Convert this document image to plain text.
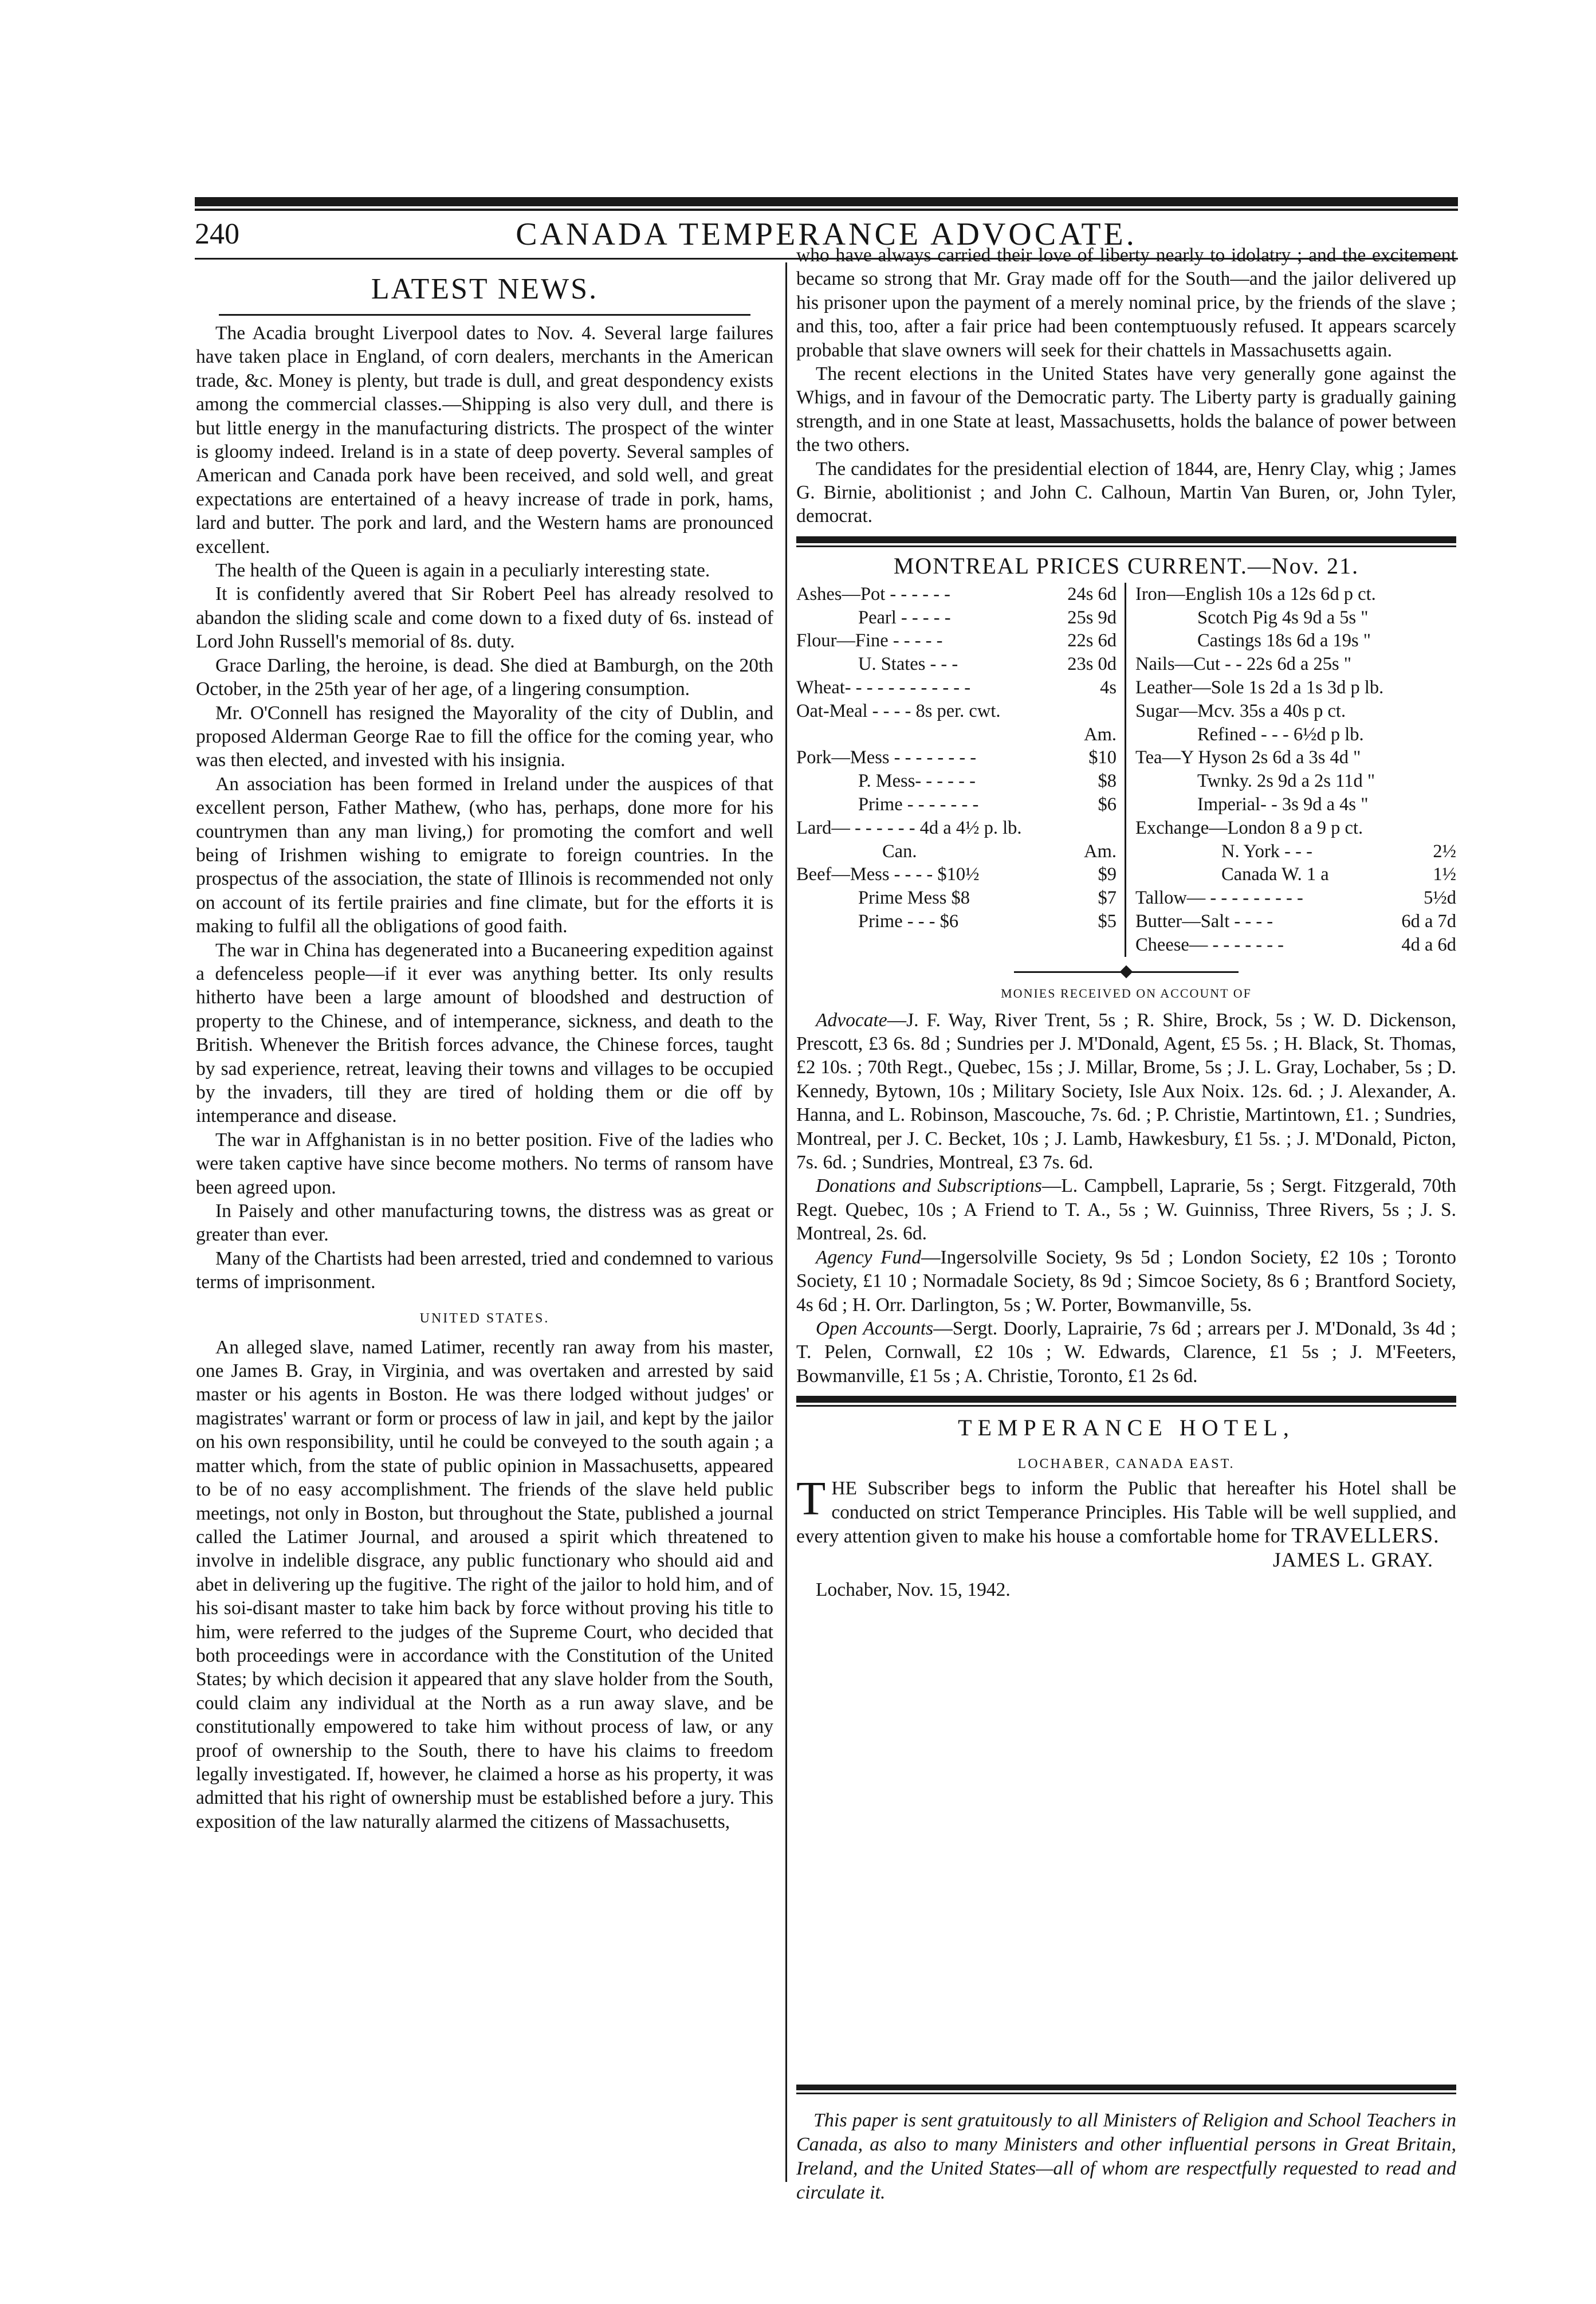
240	CANADA TEMPERANCE ADVOCATE.
LATEST NEWS.

The Acadia brought Liverpool dates to Nov. 4. Several large failures have taken place in England, of corn dealers, merchants in the American trade, &c. Money is plenty, but trade is dull, and great despondency exists among the commercial classes.—Shipping is also very dull, and there is but little energy in the manufacturing districts. The prospect of the winter is gloomy indeed. Ireland is in a state of deep poverty. Several samples of American and Canada pork have been received, and sold well, and great expectations are entertained of a heavy increase of trade in pork, hams, lard and butter. The pork and lard, and the Western hams are pronounced excellent.

The health of the Queen is again in a peculiarly interesting state.

It is confidently avered that Sir Robert Peel has already resolved to abandon the sliding scale and come down to a fixed duty of 6s. instead of Lord John Russell's memorial of 8s. duty.

Grace Darling, the heroine, is dead. She died at Bamburgh, on the 20th October, in the 25th year of her age, of a lingering consumption.

Mr. O'Connell has resigned the Mayorality of the city of Dublin, and proposed Alderman George Rae to fill the office for the coming year, who was then elected, and invested with his insignia.

An association has been formed in Ireland under the auspices of that excellent person, Father Mathew, (who has, perhaps, done more for his countrymen than any man living,) for promoting the comfort and well being of Irishmen wishing to emigrate to foreign countries. In the prospectus of the association, the state of Illinois is recommended not only on account of its fertile prairies and fine climate, but for the efforts it is making to fulfil all the obligations of good faith.

The war in China has degenerated into a Bucaneering expedition against a defenceless people—if it ever was anything better. Its only results hitherto have been a large amount of bloodshed and destruction of property to the Chinese, and of intemperance, sickness, and death to the British. Whenever the British forces advance, the Chinese forces, taught by sad experience, retreat, leaving their towns and villages to be occupied by the invaders, till they are tired of holding them or die off by intemperance and disease.

The war in Affghanistan is in no better position. Five of the ladies who were taken captive have since become mothers. No terms of ransom have been agreed upon.

In Paisely and other manufacturing towns, the distress was as great or greater than ever.

Many of the Chartists had been arrested, tried and condemned to various terms of imprisonment.

UNITED STATES.

An alleged slave, named Latimer, recently ran away from his master, one James B. Gray, in Virginia, and was overtaken and arrested by said master or his agents in Boston. He was there lodged without judges' or magistrates' warrant or form or process of law in jail, and kept by the jailor on his own responsibility, until he could be conveyed to the south again ; a matter which, from the state of public opinion in Massachusetts, appeared to be of no easy accomplishment. The friends of the slave held public meetings, not only in Boston, but throughout the State, published a journal called the Latimer Journal, and aroused a spirit which threatened to involve in indelible disgrace, any public functionary who should aid and abet in delivering up the fugitive. The right of the jailor to hold him, and of his soi-disant master to take him back by force without proving his title to him, were referred to the judges of the Supreme Court, who decided that both proceedings were in accordance with the Constitution of the United States; by which decision it appeared that any slave holder from the South, could claim any individual at the North as a run away slave, and be constitutionally empowered to take him without process of law, or any proof of ownership to the South, there to have his claims to freedom legally investigated. If, however, he claimed a horse as his property, it was admitted that his right of ownership must be established before a jury. This exposition of the law naturally alarmed the citizens of Massachusetts,

who have always carried their love of liberty nearly to idolatry ; and the excitement became so strong that Mr. Gray made off for the South—and the jailor delivered up his prisoner upon the payment of a merely nominal price, by the friends of the slave ; and this, too, after a fair price had been contemptuously refused. It appears scarcely probable that slave owners will seek for their chattels in Massachusetts again.

The recent elections in the United States have very generally gone against the Whigs, and in favour of the Democratic party. The Liberty party is gradually gaining strength, and in one State at least, Massachusetts, holds the balance of power between the two others.

The candidates for the presidential election of 1844, are, Henry Clay, whig ; James G. Birnie, abolitionist ; and John C. Calhoun, Martin Van Buren, or, John Tyler, democrat.

MONTREAL PRICES CURRENT.—Nov. 21.
Ashes—Pot - - - - - -	24s 6d
Pearl - - - - -	25s 9d
Flour—Fine - - - - -	22s 6d
U. States - - -	23s 0d
Wheat- - - - - - - - - - - -	4s
Oat-Meal - - - - 8s per. cwt.
Am.
Pork—Mess - - - - - - - -	$10
P. Mess- - - - - -	$8
Prime - - - - - - -	$6
Lard— - - - - - - 4d a 4½ p. lb.
Can.	Am.
Beef—Mess - - - - $10½	$9
Prime Mess $8	$7
Prime - - - $6	$5
Iron—English 10s a 12s 6d p ct.
Scotch Pig 4s 9d a 5s "
Castings 18s 6d a 19s "
Nails—Cut - - 22s 6d a 25s "
Leather—Sole 1s 2d a 1s 3d p lb.
Sugar—Mcv. 35s a 40s p ct.
Refined - - - 6½d p lb.
Tea—Y Hyson 2s 6d a 3s 4d "
Twnky. 2s 9d a 2s 11d "
Imperial- - 3s 9d a 4s "
Exchange—London 8 a 9 p ct.
N. York - - -	2½
Canada W. 1 a	1½
Tallow— - - - - - - - - -	5½d
Butter—Salt - - - -	6d a 7d
Cheese— - - - - - - -	4d a 6d
MONIES RECEIVED ON ACCOUNT OF

Advocate—J. F. Way, River Trent, 5s ; R. Shire, Brock, 5s ; W. D. Dickenson, Prescott, £3 6s. 8d ; Sundries per J. M'Donald, Agent, £5 5s. ; H. Black, St. Thomas, £2 10s. ; 70th Regt., Quebec, 15s ; J. Millar, Brome, 5s ; J. L. Gray, Lochaber, 5s ; D. Kennedy, Bytown, 10s ; Military Society, Isle Aux Noix. 12s. 6d. ; J. Alexander, A. Hanna, and L. Robinson, Mascouche, 7s. 6d. ; P. Christie, Martintown, £1. ; Sundries, Montreal, per J. C. Becket, 10s ; J. Lamb, Hawkesbury, £1 5s. ; J. M'Donald, Picton, 7s. 6d. ; Sundries, Montreal, £3 7s. 6d.

Donations and Subscriptions—L. Campbell, Laprarie, 5s ; Sergt. Fitzgerald, 70th Regt. Quebec, 10s ; A Friend to T. A., 5s ; W. Guinniss, Three Rivers, 5s ; J. S. Montreal, 2s. 6d.

Agency Fund—Ingersolville Society, 9s 5d ; London Society, £2 10s ; Toronto Society, £1 10 ; Normadale Society, 8s 9d ; Simcoe Society, 8s 6 ; Brantford Society, 4s 6d ; H. Orr. Darlington, 5s ; W. Porter, Bowmanville, 5s.

Open Accounts—Sergt. Doorly, Laprairie, 7s 6d ; arrears per J. M'Donald, 3s 4d ; T. Pelen, Cornwall, £2 10s ; W. Edwards, Clarence, £1 5s ; J. M'Feeters, Bowmanville, £1 5s ; A. Christie, Toronto, £1 2s 6d.

TEMPERANCE HOTEL,
LOCHABER, CANADA EAST.

THE Subscriber begs to inform the Public that hereafter his Hotel shall be conducted on strict Temperance Principles. His Table will be well supplied, and every attention given to make his house a comfortable home for TRAVELLERS.

JAMES L. GRAY.

Lochaber, Nov. 15, 1942.

This paper is sent gratuitously to all Ministers of Religion and School Teachers in Canada, as also to many Ministers and other influential persons in Great Britain, Ireland, and the United States—all of whom are respectfully requested to read and circulate it.
